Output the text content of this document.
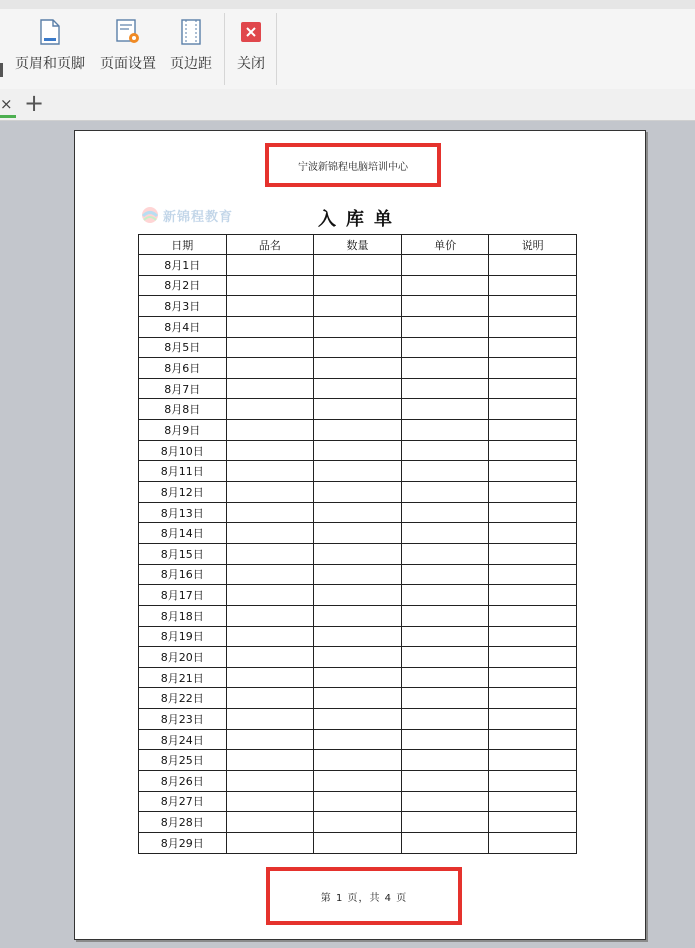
页眉和页脚 页面设置 页边距 关闭
× +
宁波新锦程电脑培训中心
新锦程教育	入库单
日期	品名	数量	单价	说明
8月1日				
8月2日				
8月3日				
8月4日				
8月5日				
8月6日				
8月7日				
8月8日				
8月9日				
8月10日				
8月11日				
8月12日				
8月13日				
8月14日				
8月15日				
8月16日				
8月17日				
8月18日				
8月19日				
8月20日				
8月21日				
8月22日				
8月23日				
8月24日				
8月25日				
8月26日				
8月27日				
8月28日				
8月29日				
第 1 页，共 4 页
